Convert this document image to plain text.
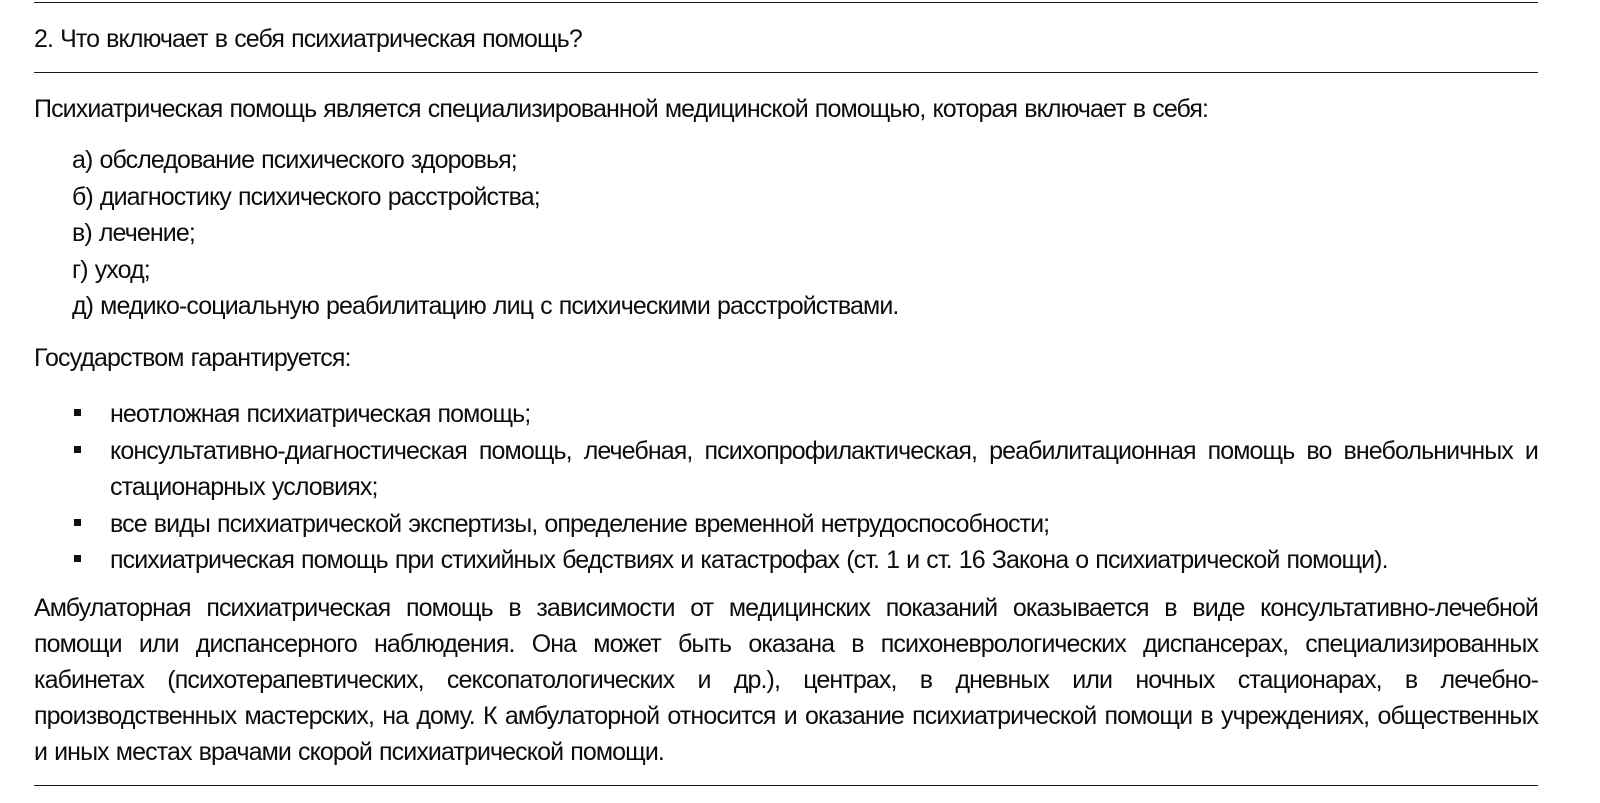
2. Что включает в себя психиатрическая помощь?
Психиатрическая помощь является специализированной медицинской помощью, которая включает в себя:
а) обследование психического здоровья;
б) диагностику психического расстройства;
в) лечение;
г) уход;
д) медико-социальную реабилитацию лиц с психическими расстройствами.
Государством гарантируется:
неотложная психиатрическая помощь;
консультативно-диагностическая помощь, лечебная, психопрофилактическая, реабилитационная помощь во внебольничных и стационарных условиях;
все виды психиатрической экспертизы, определение временной нетрудоспособности;
психиатрическая помощь при стихийных бедствиях и катастрофах (ст. 1 и ст. 16 Закона о психиатрической помощи).

Амбулаторная психиатрическая помощь в зависимости от медицинских показаний оказывается в виде консультативно-лечебной помощи или диспансерного наблюдения. Она может быть оказана в психоневрологических диспансерах, специализированных кабинетах (психотерапевтических, сексопатологических и др.), центрах, в дневных или ночных стационарах, в лечебно-производственных мастерских, на дому. К амбулаторной относится и оказание психиатрической помощи в учреждениях, общественных и иных местах врачами скорой психиатрической помощи.
